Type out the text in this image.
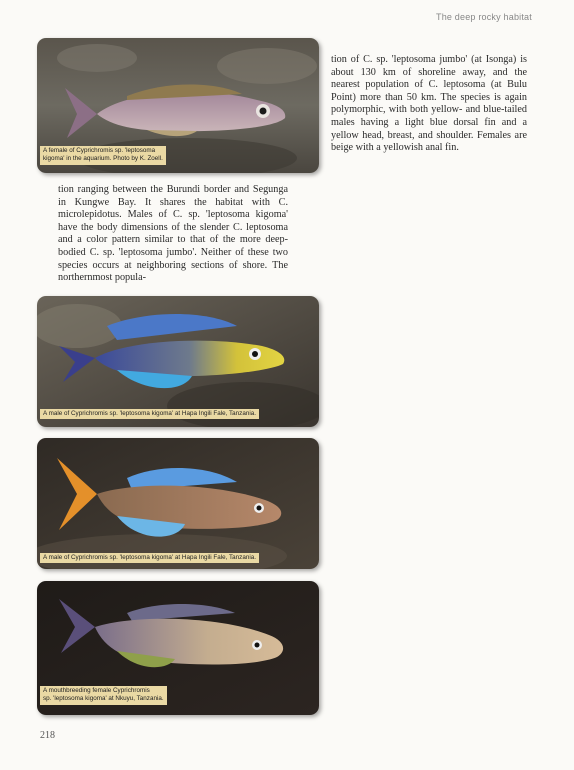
The deep rocky habitat
A female of Cyprichromis sp. 'leptosoma
kigoma' in the aquarium. Photo by K. Zoell.

tion of C. sp. 'leptosoma jumbo' (at Isonga) is about 130 km of shoreline away, and the nearest population of C. leptosoma (at Bulu Point) more than 50 km. The species is again polymorphic, with both yellow- and blue-tailed males having a light blue dorsal fin and a yellow head, breast, and shoulder. Females are beige with a yellowish anal fin.

tion ranging between the Burundi border and Segunga in Kungwe Bay. It shares the habitat with C. microlepidotus. Males of C. sp. 'leptosoma kigoma' have the body dimensions of the slender C. leptosoma and a color pattern similar to that of the more deep-bodied C. sp. 'leptosoma jumbo'. Neither of these two species occurs at neighboring sections of shore. The northernmost popula-

A male of Cyprichromis sp. 'leptosoma kigoma' at Hapa Ingili Fale, Tanzania.
A male of Cyprichromis sp. 'leptosoma kigoma' at Hapa Ingili Fale, Tanzania.
A mouthbreeding female Cyprichromis
sp. 'leptosoma kigoma' at Nkuyu, Tanzania.
218
